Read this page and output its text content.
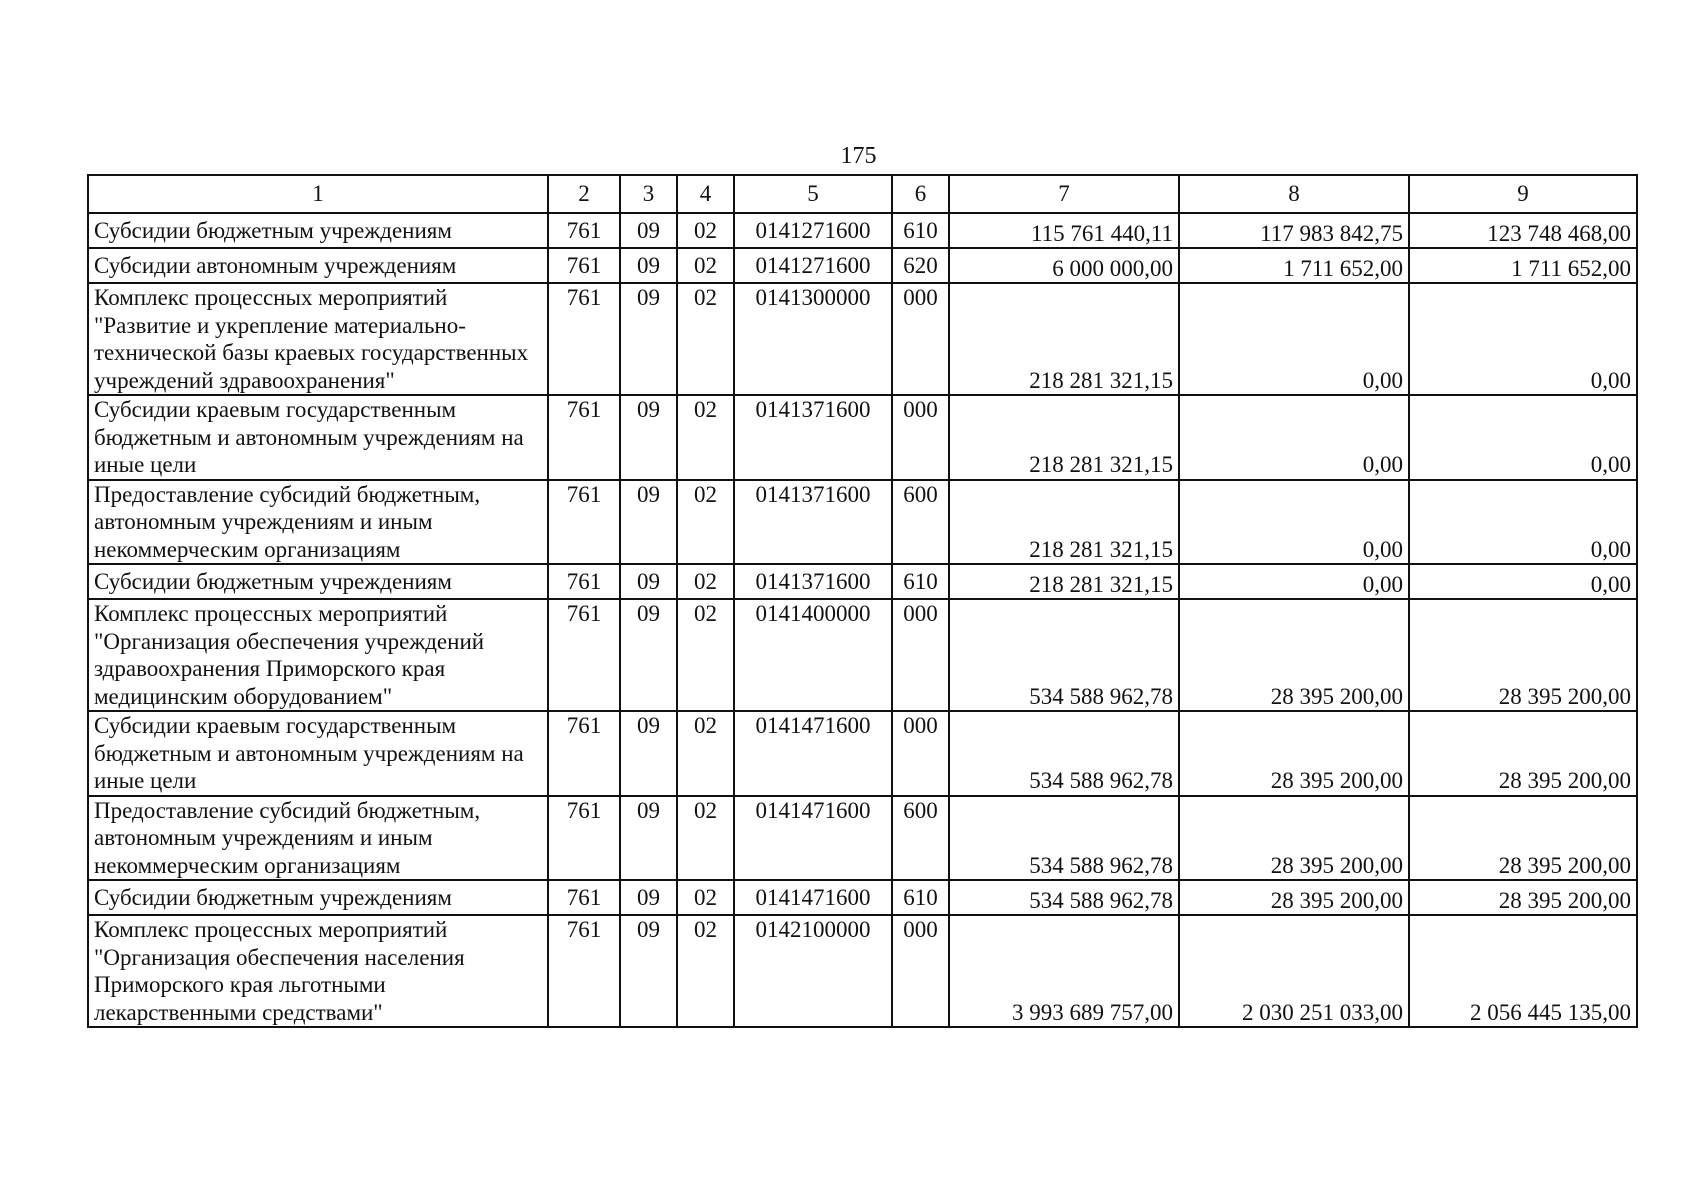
175
1	2	3	4	5	6	7	8	9
Субсидии бюджетным учреждениям	761	09	02	0141271600	610	115 761 440,11	117 983 842,75	123 748 468,00
Субсидии автономным учреждениям	761	09	02	0141271600	620	6 000 000,00	1 711 652,00	1 711 652,00
Комплекс процессных мероприятий "Развитие и укрепление материально-технической базы краевых государственных учреждений здравоохранения"	761	09	02	0141300000	000	218 281 321,15	0,00	0,00
Субсидии краевым государственным бюджетным и автономным учреждениям на иные цели	761	09	02	0141371600	000	218 281 321,15	0,00	0,00
Предоставление субсидий бюджетным, автономным учреждениям и иным некоммерческим организациям	761	09	02	0141371600	600	218 281 321,15	0,00	0,00
Субсидии бюджетным учреждениям	761	09	02	0141371600	610	218 281 321,15	0,00	0,00
Комплекс процессных мероприятий "Организация обеспечения учреждений здравоохранения Приморского края медицинским оборудованием"	761	09	02	0141400000	000	534 588 962,78	28 395 200,00	28 395 200,00
Субсидии краевым государственным бюджетным и автономным учреждениям на иные цели	761	09	02	0141471600	000	534 588 962,78	28 395 200,00	28 395 200,00
Предоставление субсидий бюджетным, автономным учреждениям и иным некоммерческим организациям	761	09	02	0141471600	600	534 588 962,78	28 395 200,00	28 395 200,00
Субсидии бюджетным учреждениям	761	09	02	0141471600	610	534 588 962,78	28 395 200,00	28 395 200,00
Комплекс процессных мероприятий "Организация обеспечения населения Приморского края льготными лекарственными средствами"	761	09	02	0142100000	000	3 993 689 757,00	2 030 251 033,00	2 056 445 135,00
